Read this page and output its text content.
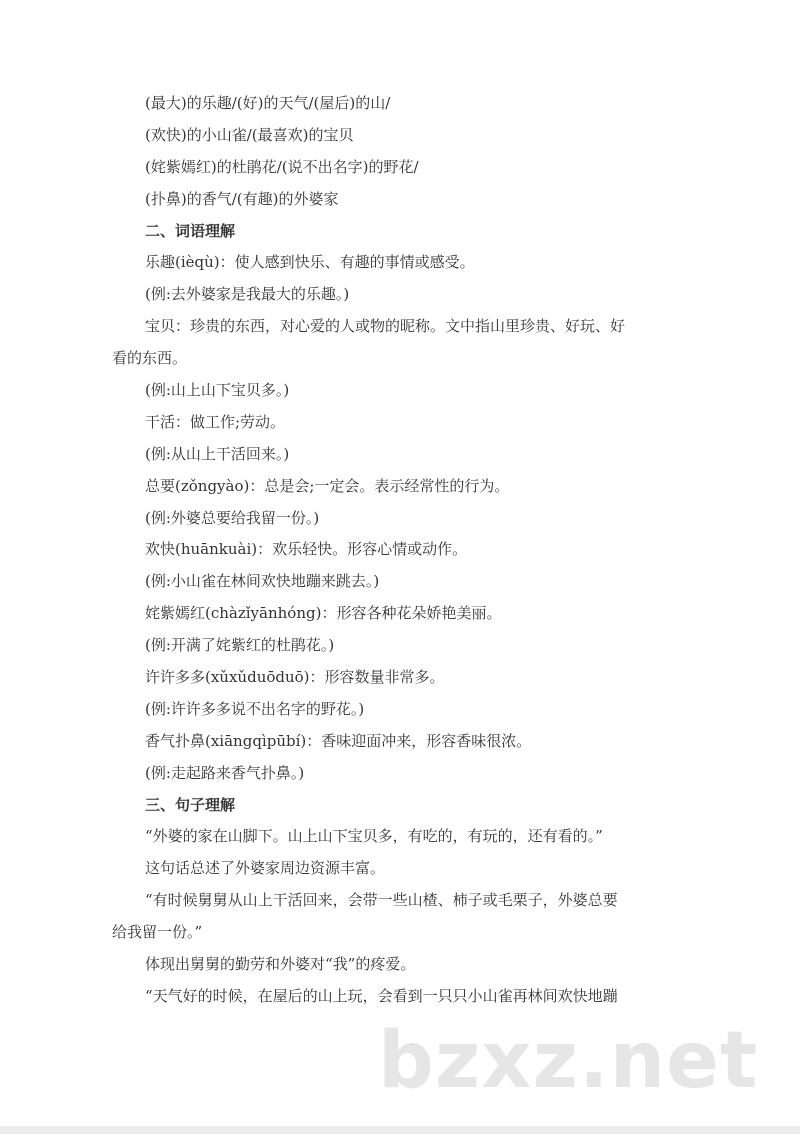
(最大)的乐趣/(好)的天气/(屋后)的山/
(欢快)的小山雀/(最喜欢)的宝贝
(姹紫嫣红)的杜鹃花/(说不出名字)的野花/
(扑鼻)的香气/(有趣)的外婆家
二、词语理解
乐趣(ièqù)：使人感到快乐、有趣的事情或感受。
(例:去外婆家是我最大的乐趣。)
宝贝：珍贵的东西，对心爱的人或物的昵称。文中指山里珍贵、好玩、好
看的东西。
(例:山上山下宝贝多。)
干活：做工作;劳动。
(例:从山上干活回来。)
总要(zǒngyào)：总是会;一定会。表示经常性的行为。
(例:外婆总要给我留一份。)
欢快(huānkuài)：欢乐轻快。形容心情或动作。
(例:小山雀在林间欢快地蹦来跳去。)
姹紫嫣红(chàzǐyānhóng)：形容各种花朵娇艳美丽。
(例:开满了姹紫红的杜鹃花。)
许许多多(xǔxǔduōduō)：形容数量非常多。
(例:许许多多说不出名字的野花。)
香气扑鼻(xiāngqìpūbí)：香味迎面冲来，形容香味很浓。
(例:走起路来香气扑鼻。)
三、句子理解
“外婆的家在山脚下。山上山下宝贝多，有吃的，有玩的，还有看的。”
这句话总述了外婆家周边资源丰富。
“有时候舅舅从山上干活回来，会带一些山楂、柿子或毛栗子，外婆总要
给我留一份。”
体现出舅舅的勤劳和外婆对“我”的疼爱。
“天气好的时候，在屋后的山上玩，会看到一只只小山雀再林间欢快地蹦
bzxz.net
